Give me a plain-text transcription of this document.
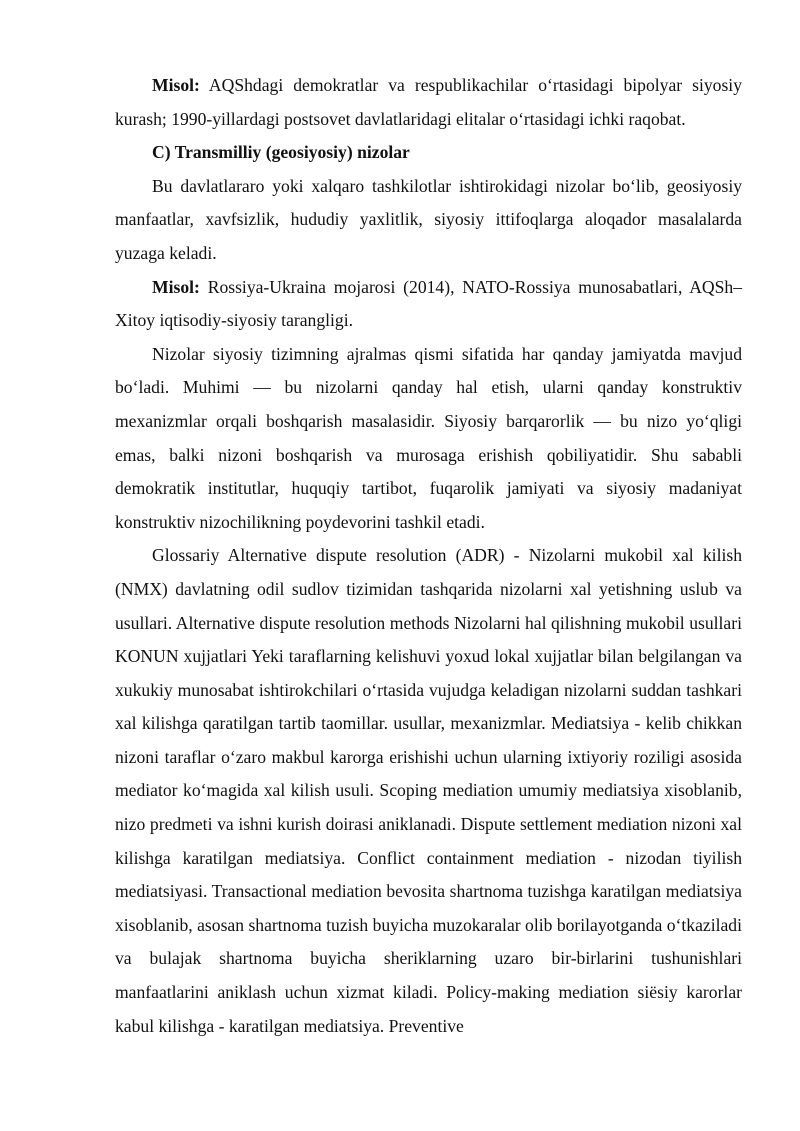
Misol: AQShdagi demokratlar va respublikachilar o‘rtasidagi bipolyar siyosiy kurash; 1990-yillardagi postsovet davlatlaridagi elitalar o‘rtasidagi ichki raqobat.

C) Transmilliy (geosiyosiy) nizolar

Bu davlatlararo yoki xalqaro tashkilotlar ishtirokidagi nizolar bo‘lib, geosiyosiy manfaatlar, xavfsizlik, hududiy yaxlitlik, siyosiy ittifoqlarga aloqador masalalarda yuzaga keladi.

Misol: Rossiya-Ukraina mojarosi (2014), NATO-Rossiya munosabatlari, AQSh–Xitoy iqtisodiy-siyosiy tarangligi.

Nizolar siyosiy tizimning ajralmas qismi sifatida har qanday jamiyatda mavjud bo‘ladi. Muhimi — bu nizolarni qanday hal etish, ularni qanday konstruktiv mexanizmlar orqali boshqarish masalasidir. Siyosiy barqarorlik — bu nizo yo‘qligi emas, balki nizoni boshqarish va murosaga erishish qobiliyatidir. Shu sababli demokratik institutlar, huquqiy tartibot, fuqarolik jamiyati va siyosiy madaniyat konstruktiv nizochilikning poydevorini tashkil etadi.

Glossariy Alternative dispute resolution (ADR) - Nizolarni mukobil xal kilish (NMX) davlatning odil sudlov tizimidan tashqarida nizolarni xal yetishning uslub va usullari. Alternative dispute resolution methods Nizolarni hal qilishning mukobil usullari KONUN xujjatlari Yeki taraflarning kelishuvi yoxud lokal xujjatlar bilan belgilangan va xukukiy munosabat ishtirokchilari o‘rtasida vujudga keladigan nizolarni suddan tashkari xal kilishga qaratilgan tartib taomillar. usullar, mexanizmlar. Mediatsiya - kelib chikkan nizoni taraflar o‘zaro makbul karorga erishishi uchun ularning ixtiyoriy roziligi asosida mediator ko‘magida xal kilish usuli. Scoping mediation umumiy mediatsiya xisoblanib, nizo predmeti va ishni kurish doirasi aniklanadi. Dispute settlement mediation nizoni xal kilishga karatilgan mediatsiya. Conflict containment mediation - nizodan tiyilish mediatsiyasi. Transactional mediation bevosita shartnoma tuzishga karatilgan mediatsiya xisoblanib, asosan shartnoma tuzish buyicha muzokaralar olib borilayotganda o‘tkaziladi va bulajak shartnoma buyicha sheriklarning uzaro bir-birlarini tushunishlari manfaatlarini aniklash uchun xizmat kiladi. Policy-making mediation siësiy karorlar kabul kilishga - karatilgan mediatsiya. Preventive
